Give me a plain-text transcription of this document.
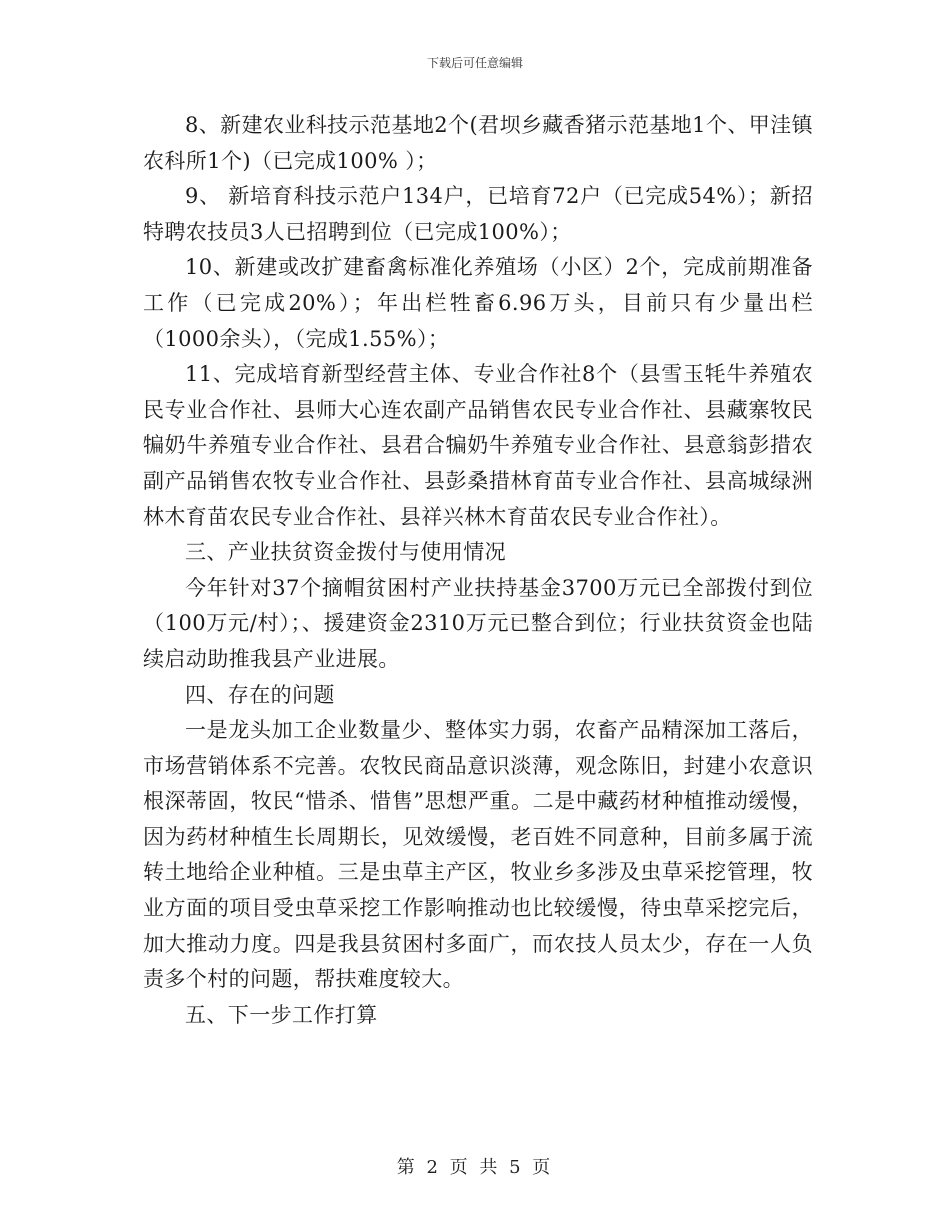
下载后可任意编辑

8、新建农业科技示范基地2个(君坝乡藏香猪示范基地1个、甲洼镇农科所1个)（已完成100% ）；

9、 新培育科技示范户134户，已培育72户（已完成54%）；新招特聘农技员3人已招聘到位（已完成100%）；

10、新建或改扩建畜禽标准化养殖场（小区）2个，完成前期准备工作（已完成20%）；年出栏牲畜6.96万头，目前只有少量出栏（1000余头），（完成1.55%）；

11、完成培育新型经营主体、专业合作社8个（县雪玉牦牛养殖农民专业合作社、县师大心连农副产品销售农民专业合作社、县藏寨牧民犏奶牛养殖专业合作社、县君合犏奶牛养殖专业合作社、县意翁彭措农副产品销售农牧专业合作社、县彭桑措林育苗专业合作社、县高城绿洲林木育苗农民专业合作社、县祥兴林木育苗农民专业合作社）。

三、产业扶贫资金拨付与使用情况

今年针对37个摘帽贫困村产业扶持基金3700万元已全部拨付到位（100万元/村）；、援建资金2310万元已整合到位；行业扶贫资金也陆续启动助推我县产业进展。

四、存在的问题

一是龙头加工企业数量少、整体实力弱，农畜产品精深加工落后，市场营销体系不完善。农牧民商品意识淡薄，观念陈旧，封建小农意识根深蒂固，牧民“惜杀、惜售”思想严重。二是中藏药材种植推动缓慢，因为药材种植生长周期长，见效缓慢，老百姓不同意种，目前多属于流转土地给企业种植。三是虫草主产区，牧业乡多涉及虫草采挖管理，牧业方面的项目受虫草采挖工作影响推动也比较缓慢，待虫草采挖完后，加大推动力度。四是我县贫困村多面广，而农技人员太少，存在一人负责多个村的问题，帮扶难度较大。

五、下一步工作打算

第 2 页 共 5 页
